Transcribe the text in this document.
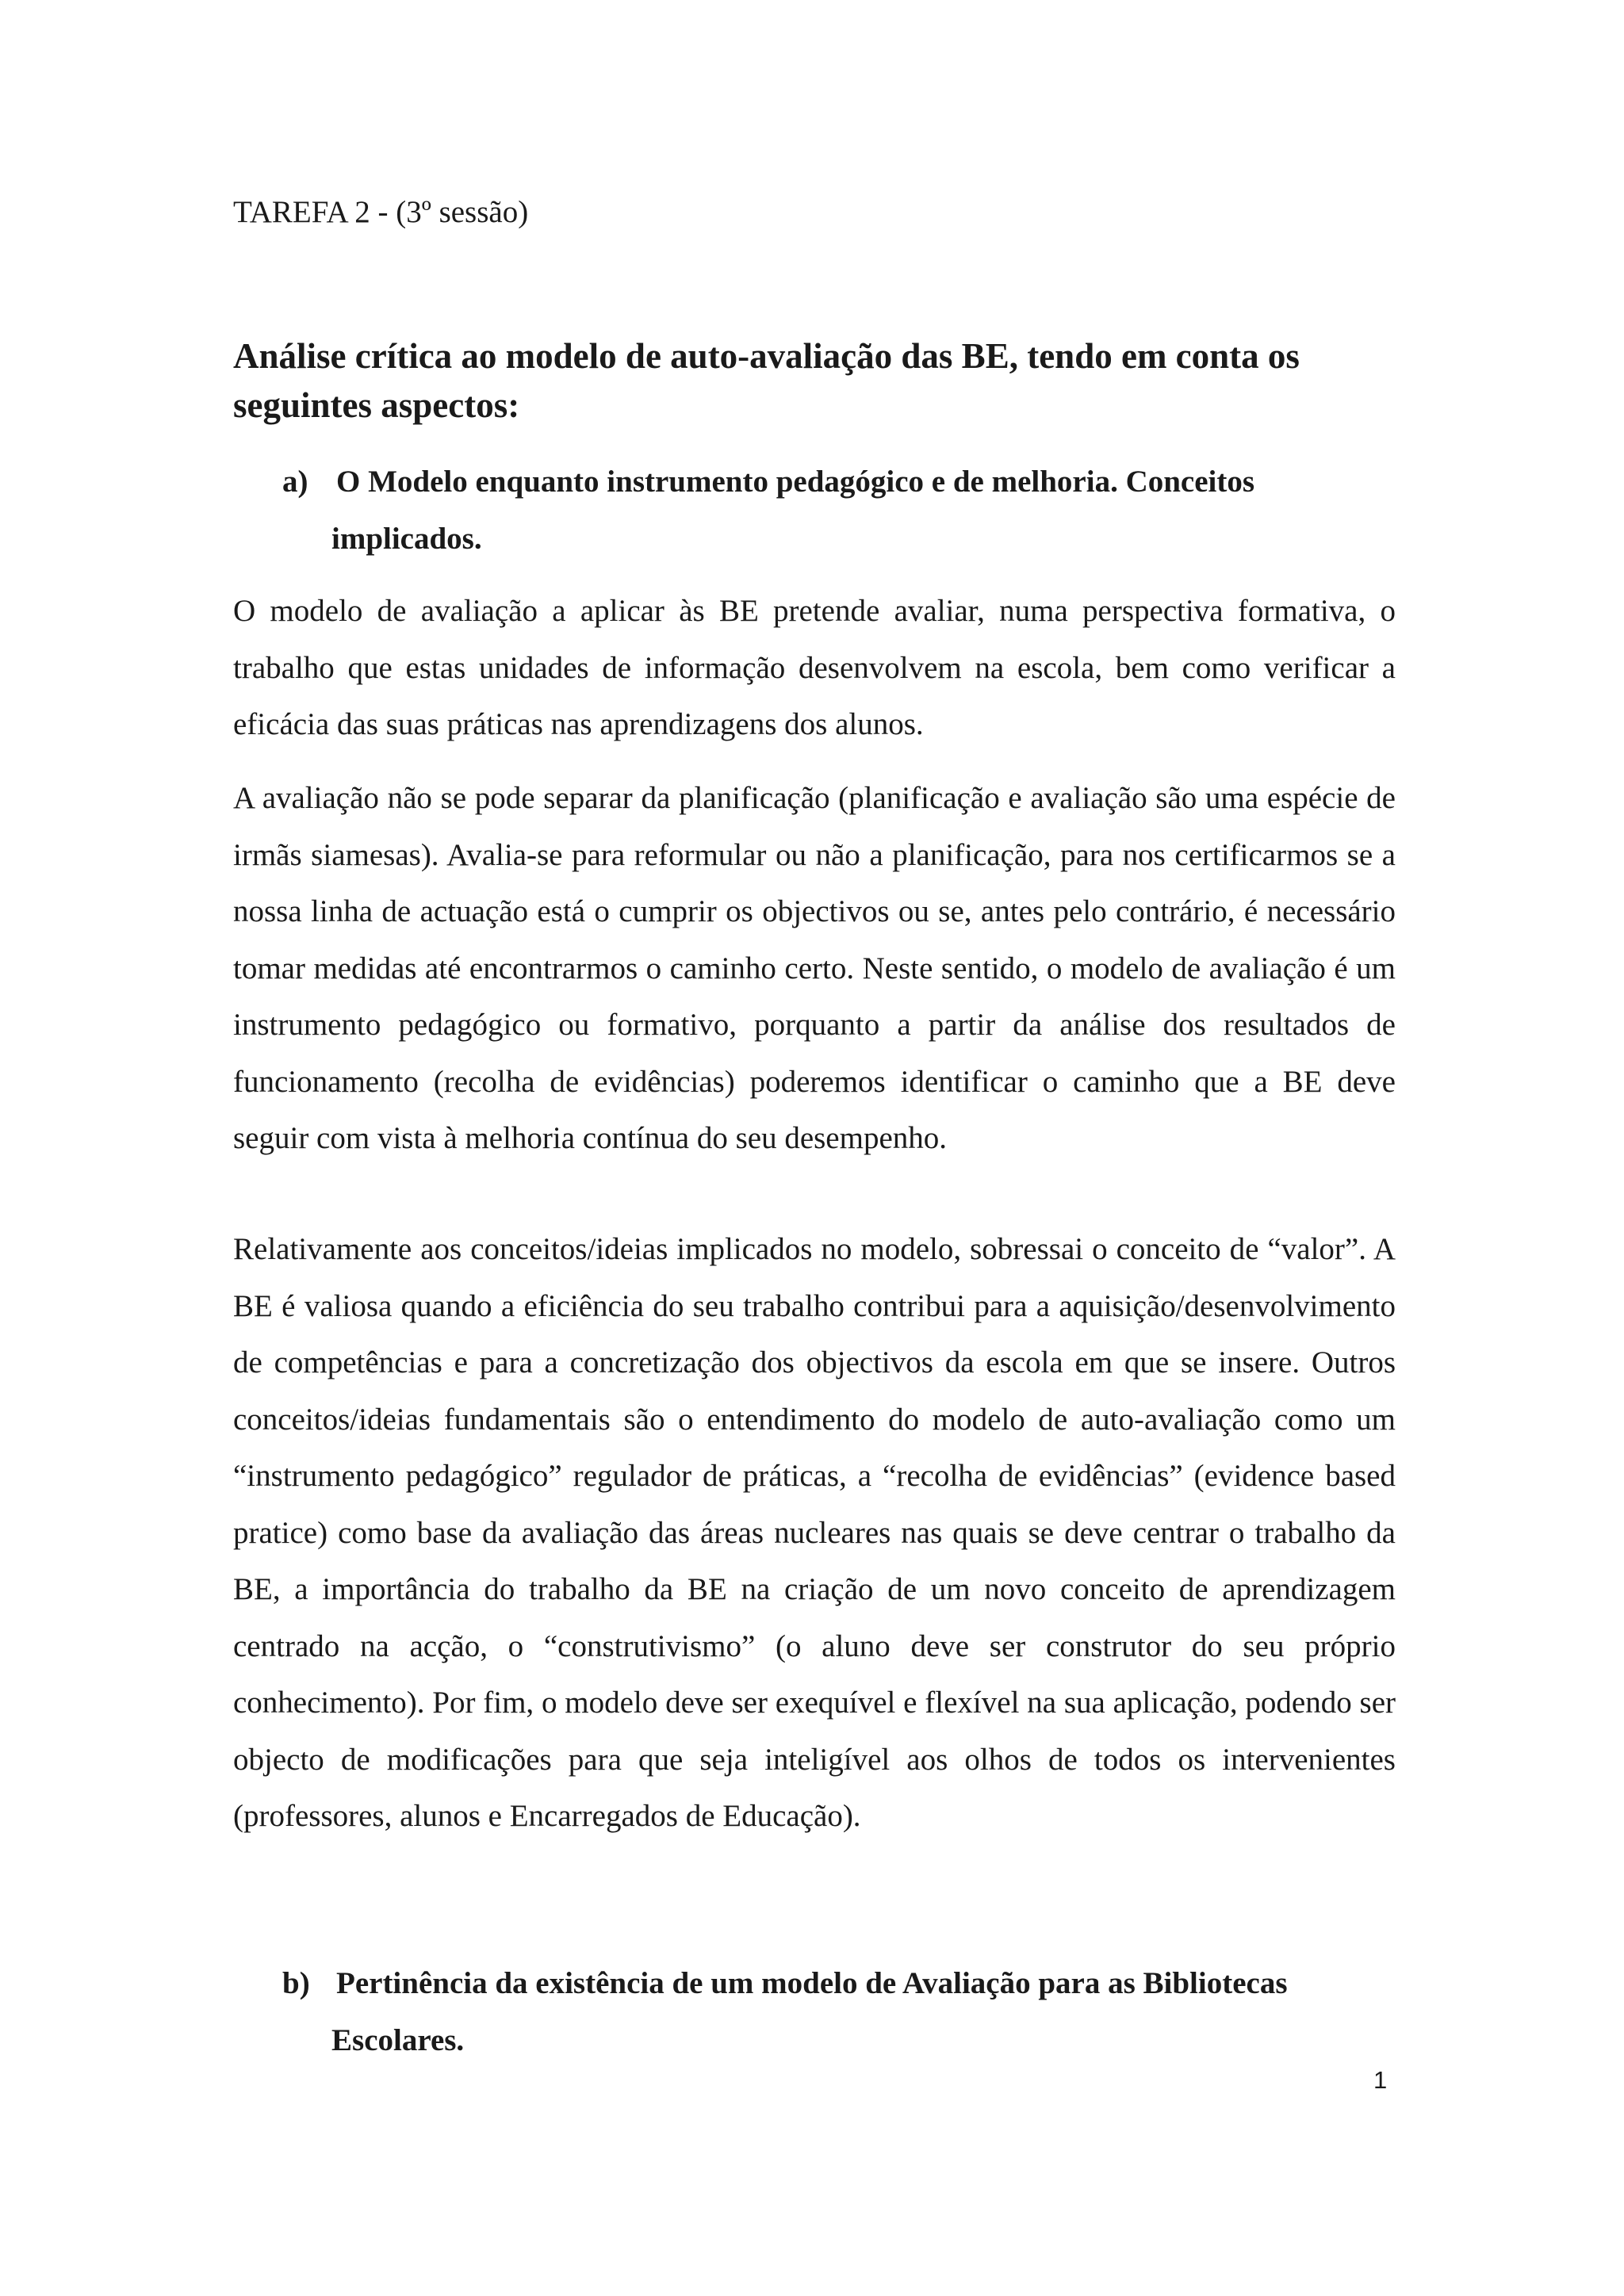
TAREFA 2 - (3º sessão)
Análise crítica ao modelo de auto-avaliação das BE, tendo em conta os seguintes aspectos:
a) O Modelo enquanto instrumento pedagógico e de melhoria. Conceitos
implicados.

O modelo de avaliação a aplicar às BE pretende avaliar, numa perspectiva formativa, o trabalho que estas unidades de informação desenvolvem na escola, bem como verificar a eficácia das suas práticas nas aprendizagens dos alunos.

A avaliação não se pode separar da planificação (planificação e avaliação são uma espécie de irmãs siamesas). Avalia-se para reformular ou não a planificação, para nos certificarmos se a nossa linha de actuação está o cumprir os objectivos ou se, antes pelo contrário, é necessário tomar medidas até encontrarmos o caminho certo. Neste sentido, o modelo de avaliação é um instrumento pedagógico ou formativo, porquanto a partir da análise dos resultados de funcionamento (recolha de evidências) poderemos identificar o caminho que a BE deve seguir com vista à melhoria contínua do seu desempenho.

Relativamente aos conceitos/ideias implicados no modelo, sobressai o conceito de “valor”. A BE é valiosa quando a eficiência do seu trabalho contribui para a aquisição/desenvolvimento de competências e para a concretização dos objectivos da escola em que se insere. Outros conceitos/ideias fundamentais são o entendimento do modelo de auto-avaliação como um “instrumento pedagógico” regulador de práticas, a “recolha de evidências” (evidence based pratice) como base da avaliação das áreas nucleares nas quais se deve centrar o trabalho da BE, a importância do trabalho da BE na criação de um novo conceito de aprendizagem centrado na acção, o “construtivismo” (o aluno deve ser construtor do seu próprio conhecimento). Por fim, o modelo deve ser exequível e flexível na sua aplicação, podendo ser objecto de modificações para que seja inteligível aos olhos de todos os intervenientes (professores, alunos e Encarregados de Educação).

b) Pertinência da existência de um modelo de Avaliação para as Bibliotecas
Escolares.
1
